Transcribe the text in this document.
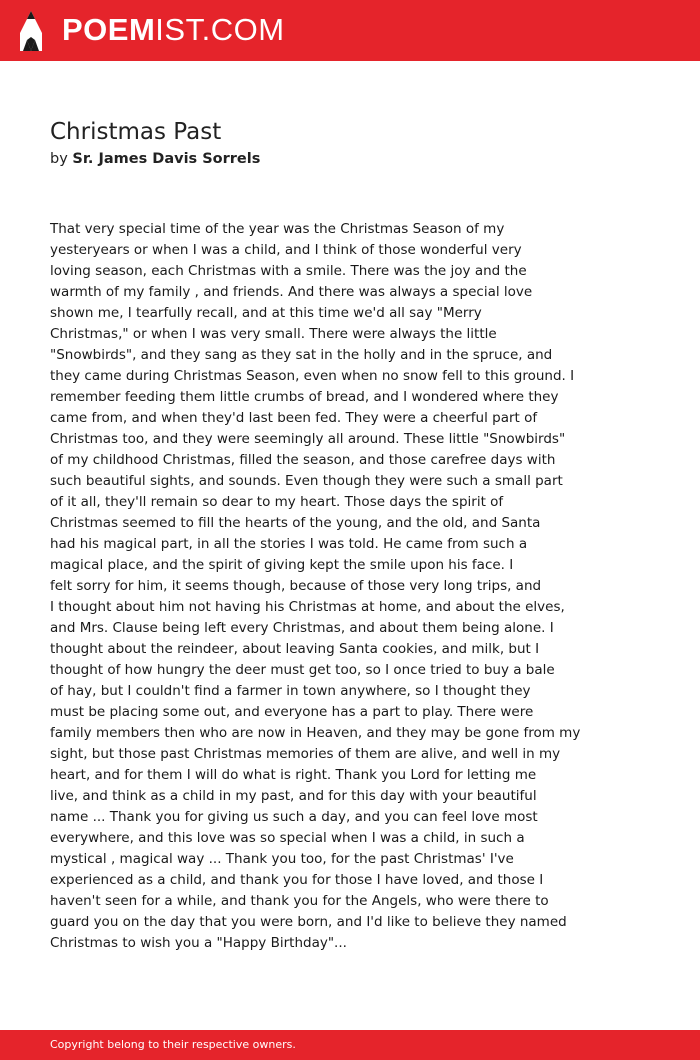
POEMIST.COM
Christmas Past
by Sr. James Davis Sorrels
That very special time of the year was the Christmas Season of my
yesteryears or when I was a child, and I think of those wonderful very
loving season, each Christmas with a smile. There was the joy and the
warmth of my family , and friends. And there was always a special love
shown me, I tearfully recall, and at this time we'd all say "Merry
Christmas," or when I was very small. There were always the little
"Snowbirds", and they sang as they sat in the holly and in the spruce, and
they came during Christmas Season, even when no snow fell to this ground. I
remember feeding them little crumbs of bread, and I wondered where they
came from, and when they'd last been fed. They were a cheerful part of
Christmas too, and they were seemingly all around. These little "Snowbirds"
of my childhood Christmas, filled the season, and those carefree days with
such beautiful sights, and sounds. Even though they were such a small part
of it all, they'll remain so dear to my heart. Those days the spirit of
Christmas seemed to fill the hearts of the young, and the old, and Santa
had his magical part, in all the stories I was told. He came from such a
magical place, and the spirit of giving kept the smile upon his face. I
felt sorry for him, it seems though, because of those very long trips, and
I thought about him not having his Christmas at home, and about the elves,
and Mrs. Clause being left every Christmas, and about them being alone. I
thought about the reindeer, about leaving Santa cookies, and milk, but I
thought of how hungry the deer must get too, so I once tried to buy a bale
of hay, but I couldn't find a farmer in town anywhere, so I thought they
must be placing some out, and everyone has a part to play. There were
family members then who are now in Heaven, and they may be gone from my
sight, but those past Christmas memories of them are alive, and well in my
heart, and for them I will do what is right. Thank you Lord for letting me
live, and think as a child in my past, and for this day with your beautiful
name ... Thank you for giving us such a day, and you can feel love most
everywhere, and this love was so special when I was a child, in such a
mystical , magical way ... Thank you too, for the past Christmas' I've
experienced as a child, and thank you for those I have loved, and those I
haven't seen for a while, and thank you for the Angels, who were there to
guard you on the day that you were born, and I'd like to believe they named
Christmas to wish you a "Happy Birthday"...
Copyright belong to their respective owners.
